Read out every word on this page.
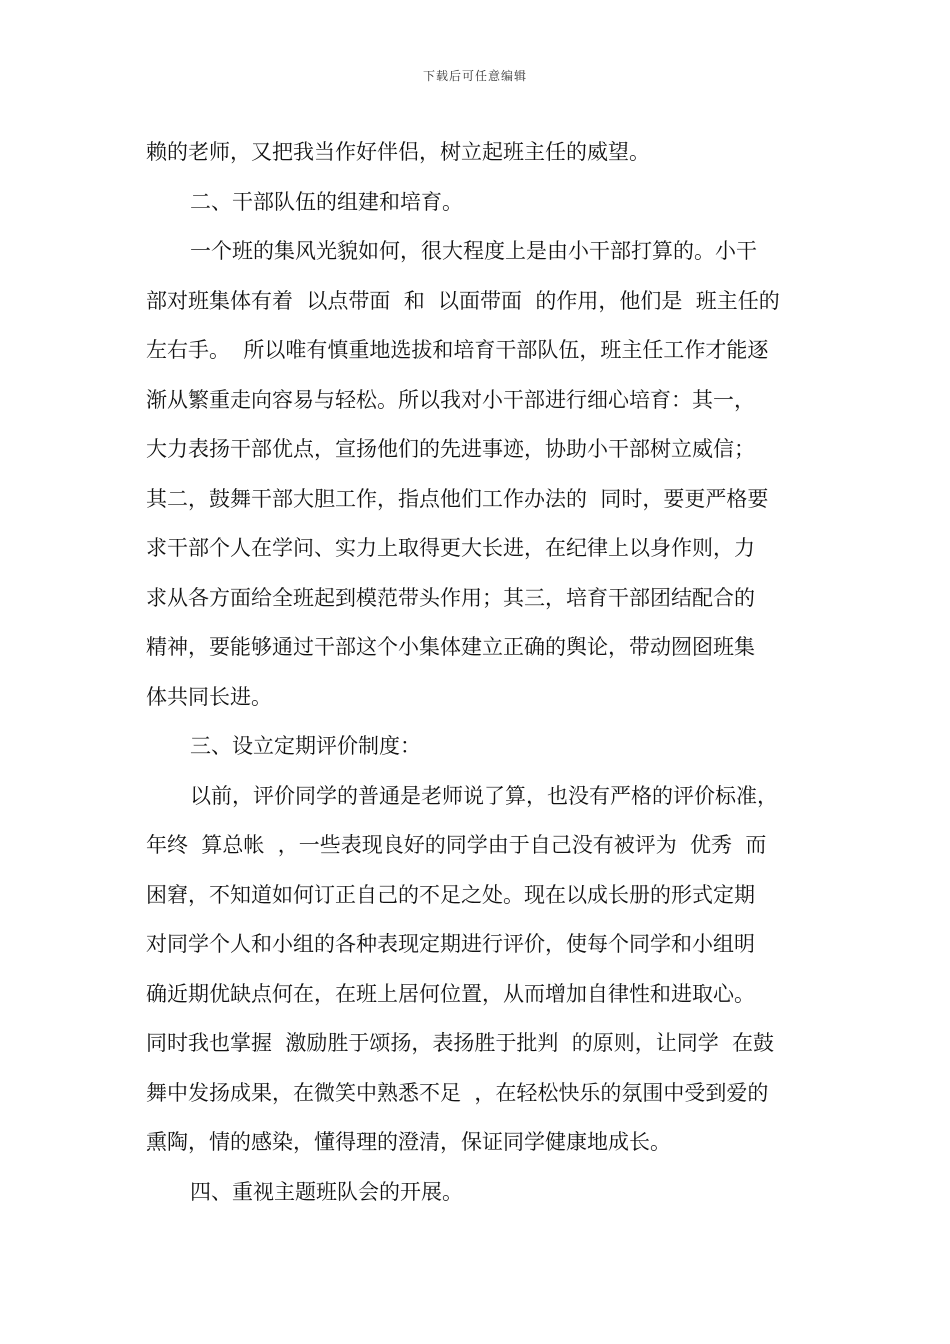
下载后可任意编辑
赖的老师，又把我当作好伴侣，树立起班主任的威望。
二、干部队伍的组建和培育。
一个班的集风光貌如何，很大程度上是由小干部打算的。小干
部对班集体有着  以点带面  和  以面带面  的作用，他们是  班主任的
左右手。  所以唯有慎重地选拔和培育干部队伍，班主任工作才能逐
渐从繁重走向容易与轻松。所以我对小干部进行细心培育：其一，
大力表扬干部优点，宣扬他们的先进事迹，协助小干部树立威信；
其二，鼓舞干部大胆工作，指点他们工作办法的  同时，要更严格要
求干部个人在学问、实力上取得更大长进，在纪律上以身作则，力
求从各方面给全班起到模范带头作用；其三，培育干部团结配合的
精神，要能够通过干部这个小集体建立正确的舆论，带动囫囵班集
体共同长进。
三、设立定期评价制度：
以前，评价同学的普通是老师说了算，也没有严格的评价标准，
年终  算总帐  ，一些表现良好的同学由于自己没有被评为  优秀  而
困窘，不知道如何订正自己的不足之处。现在以成长册的形式定期
对同学个人和小组的各种表现定期进行评价，使每个同学和小组明
确近期优缺点何在，在班上居何位置，从而增加自律性和进取心。
同时我也掌握  激励胜于颂扬，表扬胜于批判  的原则，让同学  在鼓
舞中发扬成果，在微笑中熟悉不足  ，在轻松快乐的氛围中受到爱的
熏陶，情的感染，懂得理的澄清，保证同学健康地成长。
四、重视主题班队会的开展。
